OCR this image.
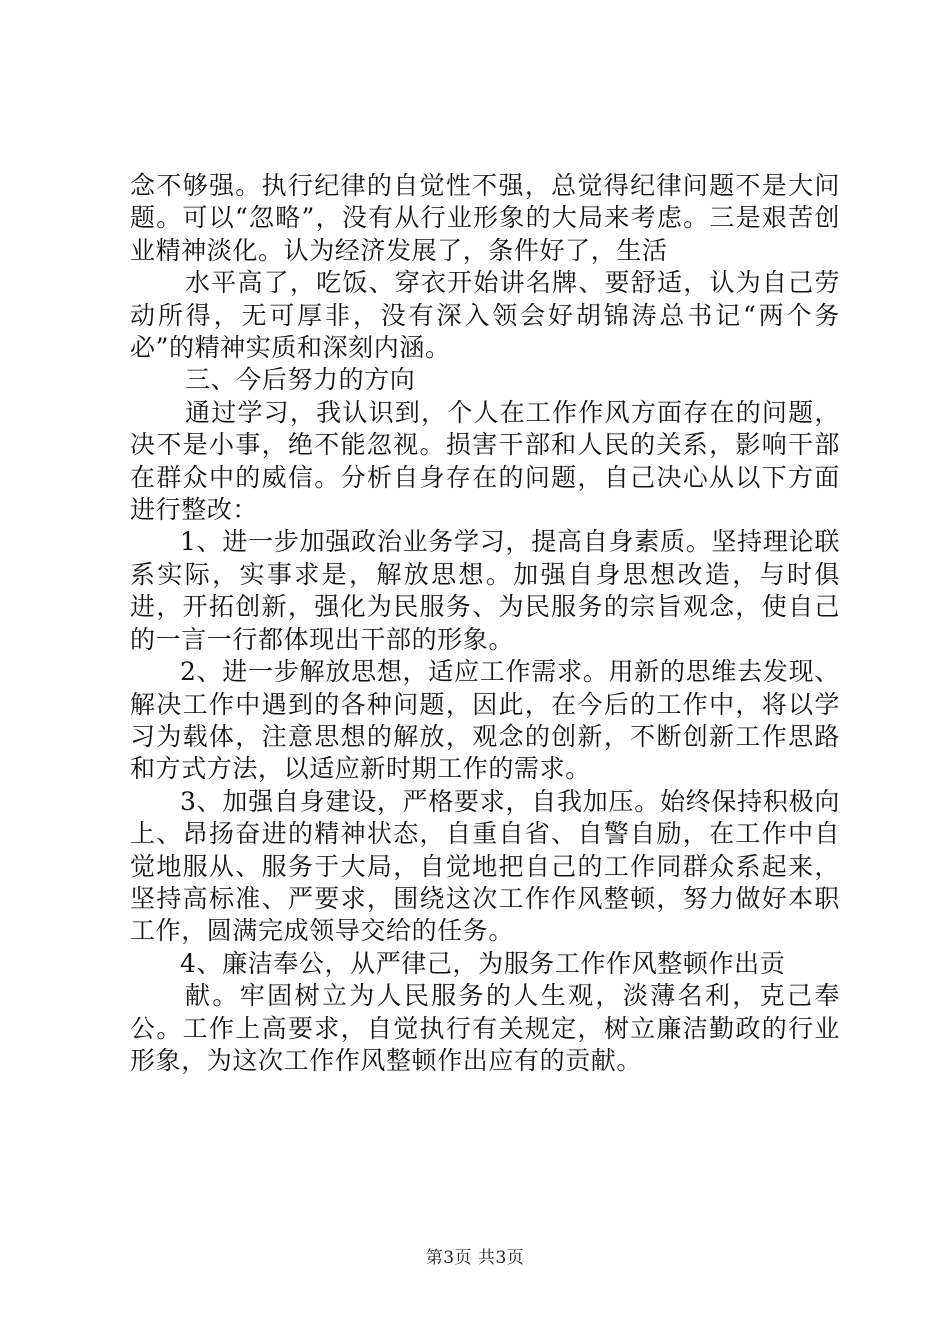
念不够强。执行纪律的自觉性不强，总觉得纪律问题不是大问题。可以“忽略”，没有从行业形象的大局来考虑。三是艰苦创业精神淡化。认为经济发展了，条件好了，生活

水平高了，吃饭、穿衣开始讲名牌、要舒适，认为自己劳动所得，无可厚非，没有深入领会好胡锦涛总书记“两个务必”的精神实质和深刻内涵。

三、今后努力的方向

通过学习，我认识到，个人在工作作风方面存在的问题，决不是小事，绝不能忽视。损害干部和人民的关系，影响干部在群众中的威信。分析自身存在的问题，自己决心从以下方面进行整改：

1、进一步加强政治业务学习，提高自身素质。坚持理论联系实际，实事求是，解放思想。加强自身思想改造，与时俱进，开拓创新，强化为民服务、为民服务的宗旨观念，使自己的一言一行都体现出干部的形象。

2、进一步解放思想，适应工作需求。用新的思维去发现、解决工作中遇到的各种问题，因此，在今后的工作中，将以学习为载体，注意思想的解放，观念的创新，不断创新工作思路和方式方法，以适应新时期工作的需求。

3、加强自身建设，严格要求，自我加压。始终保持积极向上、昂扬奋进的精神状态，自重自省、自警自励，在工作中自觉地服从、服务于大局，自觉地把自己的工作同群众系起来，坚持高标准、严要求，围绕这次工作作风整顿，努力做好本职工作，圆满完成领导交给的任务。

4、廉洁奉公，从严律己，为服务工作作风整顿作出贡

献。牢固树立为人民服务的人生观，淡薄名利，克己奉公。工作上高要求，自觉执行有关规定，树立廉洁勤政的行业形象，为这次工作作风整顿作出应有的贡献。

第3页 共3页
